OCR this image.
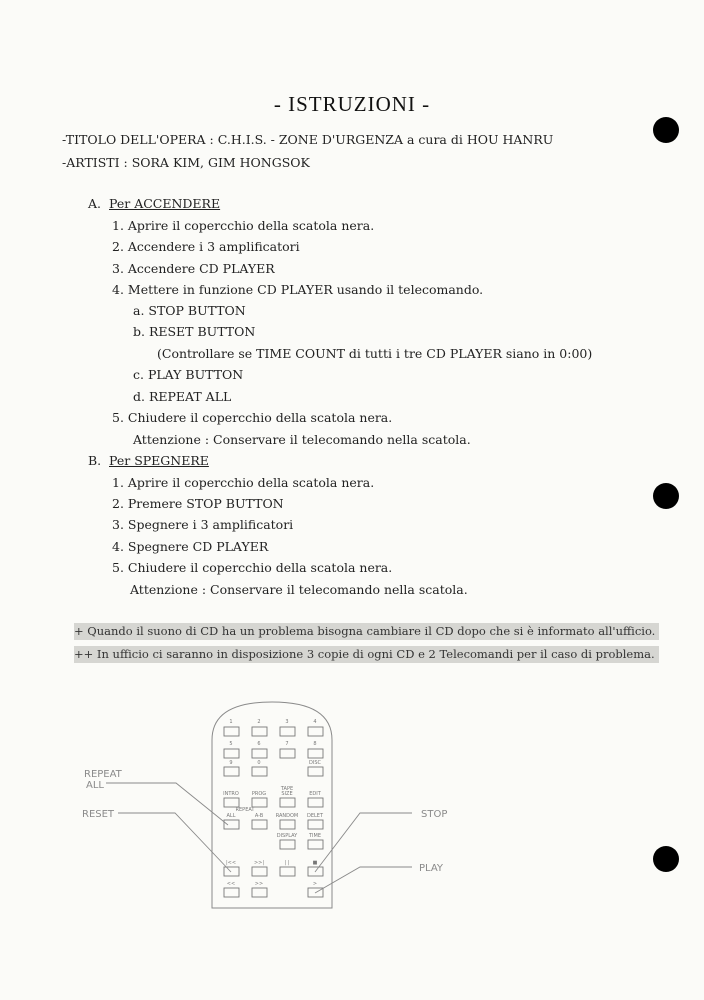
- ISTRUZIONI -
-TITOLO DELL'OPERA : C.H.I.S. - ZONE D'URGENZA a cura di HOU HANRU
-ARTISTI : SORA KIM, GIM HONGSOK
A. Per ACCENDERE
1. Aprire il copercchio della scatola nera.
2. Accendere i 3 amplificatori
3. Accendere CD PLAYER
4. Mettere in funzione CD PLAYER usando il telecomando.
a. STOP BUTTON
b. RESET BUTTON
(Controllare se TIME COUNT di tutti i tre CD PLAYER siano in 0:00)
c. PLAY BUTTON
d. REPEAT ALL
5. Chiudere il copercchio della scatola nera.
Attenzione : Conservare il telecomando nella scatola.
B. Per SPEGNERE
1. Aprire il copercchio della scatola nera.
2. Premere STOP BUTTON
3. Spegnere i 3 amplificatori
4. Spegnere CD PLAYER
5. Chiudere il copercchio della scatola nera.
Attenzione : Conservare il telecomando nella scatola.
+ Quando il suono di CD ha un problema bisogna cambiare il CD dopo che si è informato all'ufficio.
++ In ufficio ci saranno in disposizione 3 copie di ogni CD e 2 Telecomandi per il caso di problema.
1	2	3	4
5	6	7	8
9	0	DISC
INTRO	PROG
TAPE
SIZE	EDIT
REPEAT
ALL	A-B	RANDOM DELET
DISPLAY TIME
|<<	>>|	| |	■
<<	>>	>
REPEAT
ALL
RESET	STOP
PLAY
